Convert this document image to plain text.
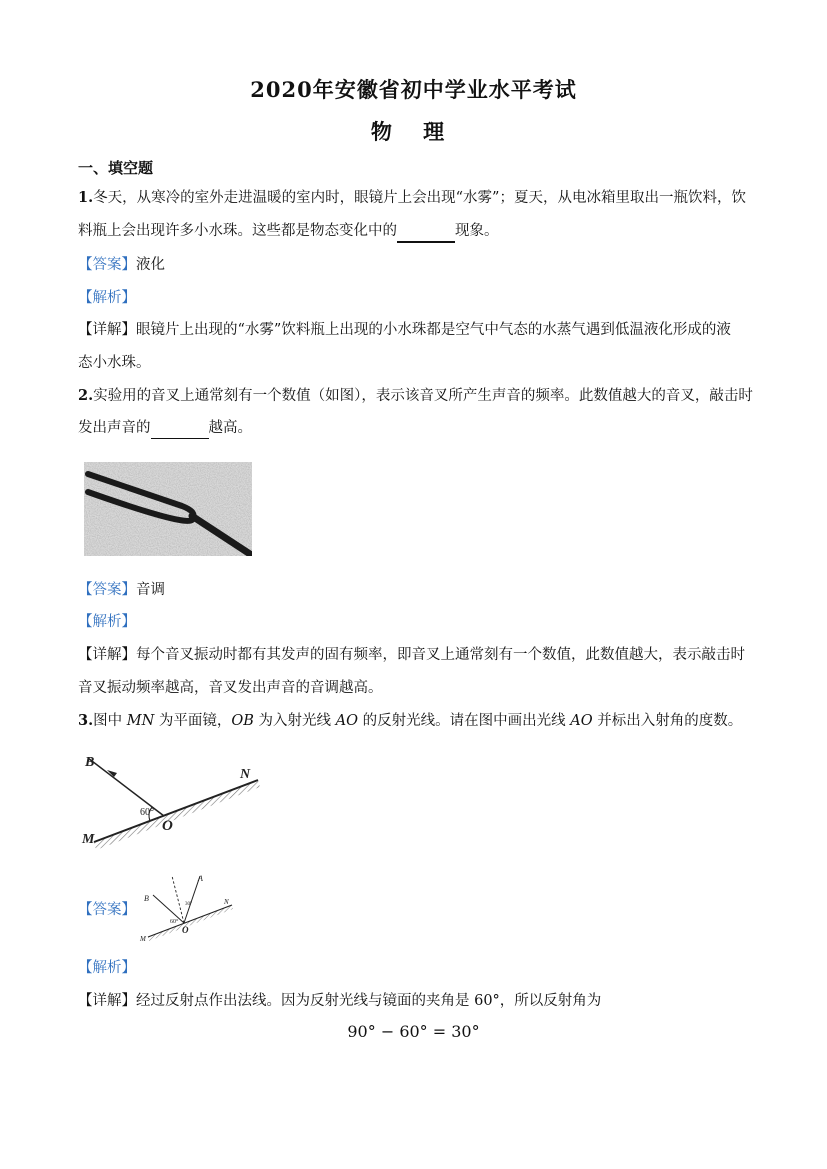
2020年安徽省初中学业水平考试
物 理
一、填空题
1.冬天，从寒冷的室外走进温暖的室内时，眼镜片上会出现“水雾”；夏天，从电冰箱里取出一瓶饮料，饮
料瓶上会出现许多小水珠。这些都是物态变化中的	现象。
【答案】液化
【解析】
【详解】眼镜片上出现的“水雾”饮料瓶上出现的小水珠都是空气中气态的水蒸气遇到低温液化形成的液
态小水珠。
2.实验用的音叉上通常刻有一个数值（如图），表示该音叉所产生声音的频率。此数值越大的音叉，敲击时
发出声音的	越高。
【答案】音调
【解析】
【详解】每个音叉振动时都有其发声的固有频率，即音叉上通常刻有一个数值，此数值越大，表示敲击时
音叉振动频率越高，音叉发出声音的音调越高。
3.图中 MN 为平面镜，OB 为入射光线 AO 的反射光线。请在图中画出光线 AO 并标出入射角的度数。
B
N
M
O
60°
【答案】
B
A
N
M
O
60°
30°
【解析】
【详解】经过反射点作出法线。因为反射光线与镜面的夹角是 60°，所以反射角为
90° − 60° = 30°
